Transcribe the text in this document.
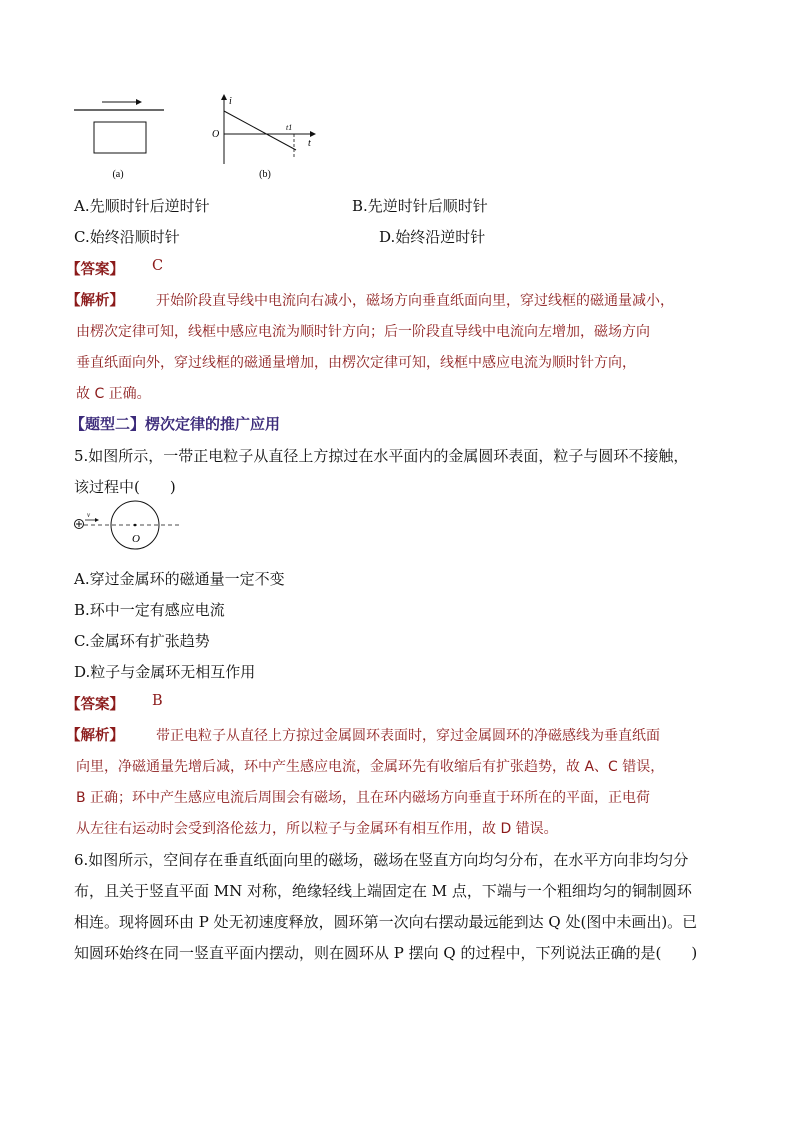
(a)
i
O
t1
t
(b)
A.先顺时针后逆时针	B.先逆时针后顺时针
C.始终沿顺时针	D.始终沿逆时针
【答案】 C
【解析】 开始阶段直导线中电流向右减小，磁场方向垂直纸面向里，穿过线框的磁通量减小，
由楞次定律可知，线框中感应电流为顺时针方向；后一阶段直导线中电流向左增加，磁场方向
垂直纸面向外，穿过线框的磁通量增加，由楞次定律可知，线框中感应电流为顺时针方向，
故 C 正确。
【题型二】楞次定律的推广应用
5.如图所示，一带正电粒子从直径上方掠过在水平面内的金属圆环表面，粒子与圆环不接触，
该过程中(　　)
v
O
A.穿过金属环的磁通量一定不变
B.环中一定有感应电流
C.金属环有扩张趋势
D.粒子与金属环无相互作用
【答案】 B
【解析】 带正电粒子从直径上方掠过金属圆环表面时，穿过金属圆环的净磁感线为垂直纸面
向里，净磁通量先增后减，环中产生感应电流，金属环先有收缩后有扩张趋势，故 A、C 错误，
B 正确；环中产生感应电流后周围会有磁场，且在环内磁场方向垂直于环所在的平面，正电荷
从左往右运动时会受到洛伦兹力，所以粒子与金属环有相互作用，故 D 错误。
6.如图所示，空间存在垂直纸面向里的磁场，磁场在竖直方向均匀分布，在水平方向非均匀分
布，且关于竖直平面 MN 对称，绝缘轻线上端固定在 M 点，下端与一个粗细均匀的铜制圆环
相连。现将圆环由 P 处无初速度释放，圆环第一次向右摆动最远能到达 Q 处(图中未画出)。已
知圆环始终在同一竖直平面内摆动，则在圆环从 P 摆向 Q 的过程中，下列说法正确的是(　　)
